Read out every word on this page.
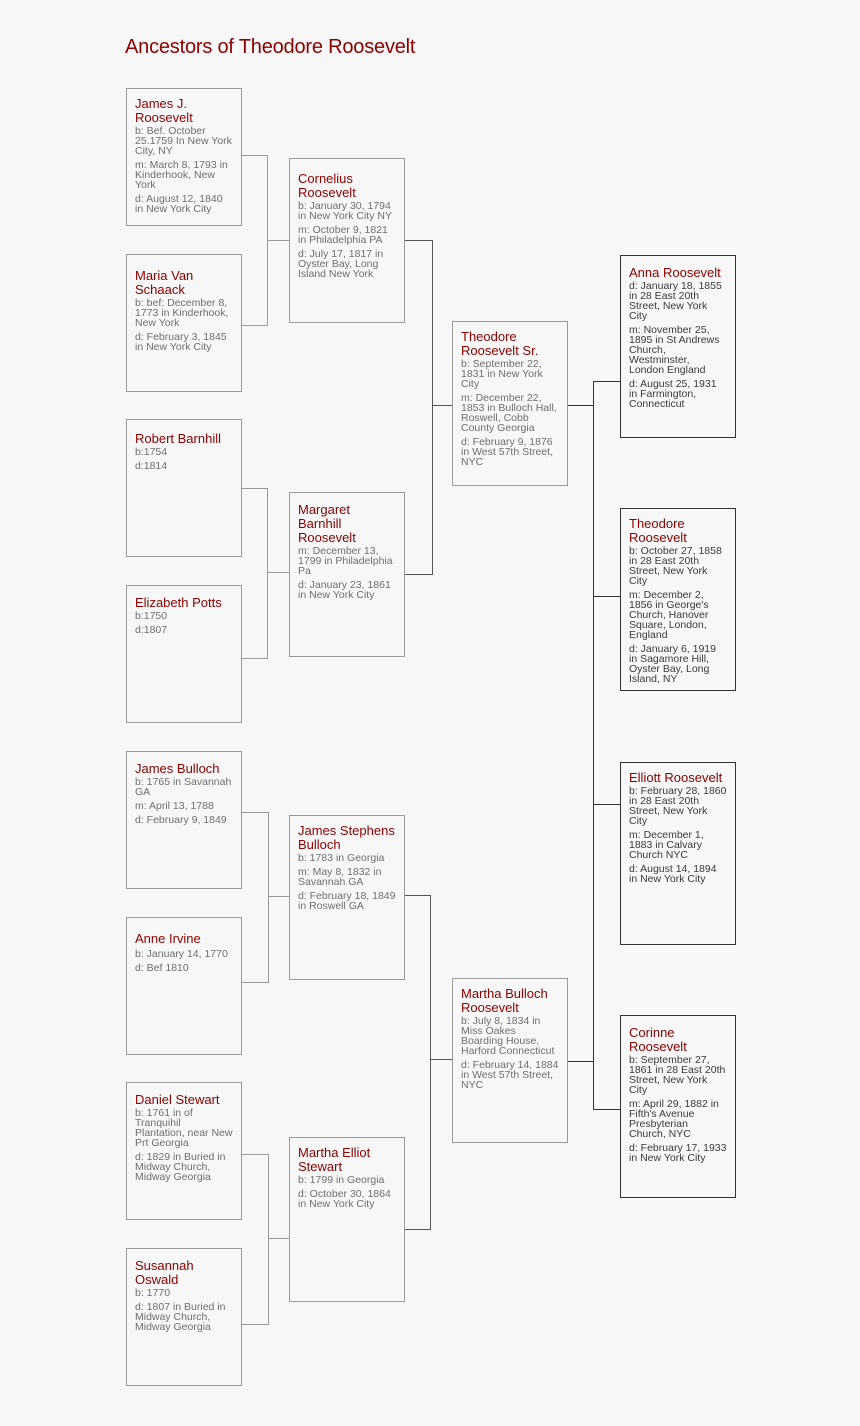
Ancestors of Theodore Roosevelt
James J. Roosevelt
b: Bef. October 25.1759 In New York City, NY
m: March 8, 1793 in Kinderhook, New York
d: August 12, 1840 in New York City
Maria Van Schaack
b: bef: December 8, 1773 in Kinderhook, New York
d: February 3, 1845 in New York City
Robert Barnhill
b:1754
d:1814
Elizabeth Potts
b:1750
d:1807
James Bulloch
b: 1765 in Savannah GA
m: April 13, 1788
d: February 9, 1849
Anne Irvine
b: January 14, 1770
d: Bef 1810
Daniel Stewart
b: 1761 in of Tranquihil Plantation, near New Prt Georgia
d: 1829 in Buried in Midway Church, Midway Georgia
Susannah Oswald
b: 1770
d: 1807 in Buried in Midway Church, Midway Georgia
Cornelius Roosevelt
b: January 30, 1794 in New York City NY
m: October 9, 1821 in Philadelphia PA
d: July 17, 1817 in Oyster Bay, Long Island New York
Margaret Barnhill Roosevelt
m: December 13, 1799 in Philadelphia Pa
d: January 23, 1861 in New York City
James Stephens Bulloch
b: 1783 in Georgia
m: May 8, 1832 in Savannah GA
d: February 18, 1849 in Roswell GA
Martha Elliot Stewart
b: 1799 in Georgia
d: October 30, 1864 in New York City
Theodore Roosevelt Sr.
b: September 22, 1831 in New York City
m: December 22, 1853 in Bulloch Hall, Roswell, Cobb County Georgia
d: February 9, 1876 in West 57th Street, NYC
Martha Bulloch Roosevelt
b: July 8, 1834 in Miss Oakes Boarding House, Harford Connecticut
d: February 14, 1884 in West 57th Street, NYC
Anna Roosevelt
d: January 18, 1855 in 28 East 20th Street, New York City
m: November 25, 1895 in St Andrews Church, Westminster, London England
d: August 25, 1931 in Farmington, Connecticut
Theodore Roosevelt
b: October 27, 1858 in 28 East 20th Street, New York City
m: December 2, 1856 in George's Church, Hanover Square, London, England
d: January 6, 1919 in Sagamore Hill, Oyster Bay, Long Island, NY
Elliott Roosevelt
b: February 28, 1860 in 28 East 20th Street, New York City
m: December 1, 1883 in Calvary Church NYC
d: August 14, 1894 in New York City
Corinne Roosevelt
b: September 27, 1861 in 28 East 20th Street, New York City
m: April 29, 1882 in Fifth's Avenue Presbyterian Church, NYC
d: February 17, 1933 in New York City
